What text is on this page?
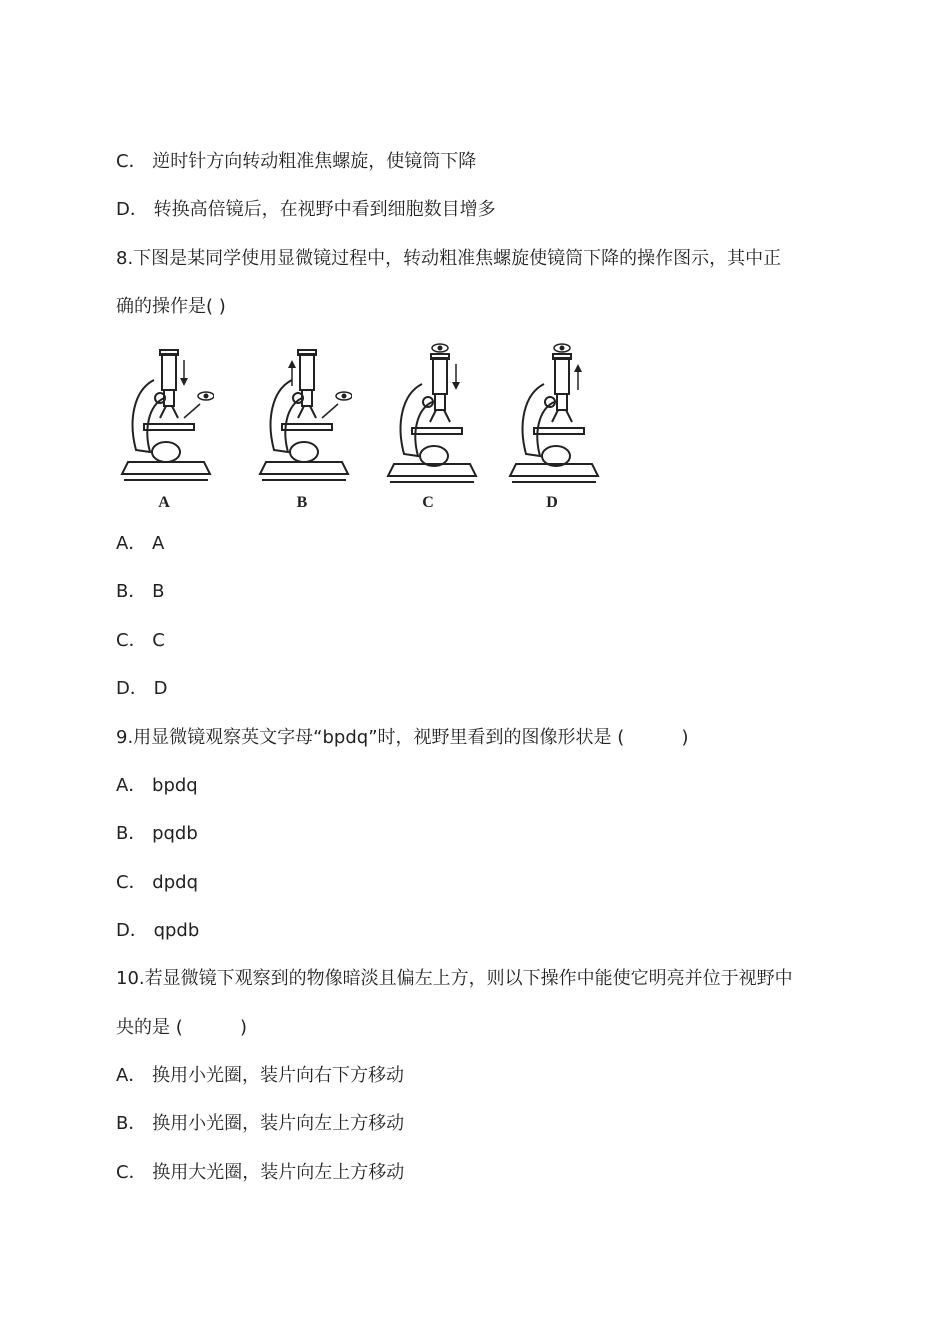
C． 逆时针方向转动粗准焦螺旋，使镜筒下降
D． 转换高倍镜后，在视野中看到细胞数目增多
8.下图是某同学使用显微镜过程中，转动粗准焦螺旋使镜筒下降的操作图示，其中正
确的操作是( )
A	B	C	D
A． A
B． B
C． C
D． D
9.用显微镜观察英文字母“bpdq”时，视野里看到的图像形状是 (          )
A． bpdq
B． pqdb
C． dpdq
D． qpdb
10.若显微镜下观察到的物像暗淡且偏左上方，则以下操作中能使它明亮并位于视野中
央的是 (          )
A． 换用小光圈，装片向右下方移动
B． 换用小光圈，装片向左上方移动
C． 换用大光圈，装片向左上方移动
